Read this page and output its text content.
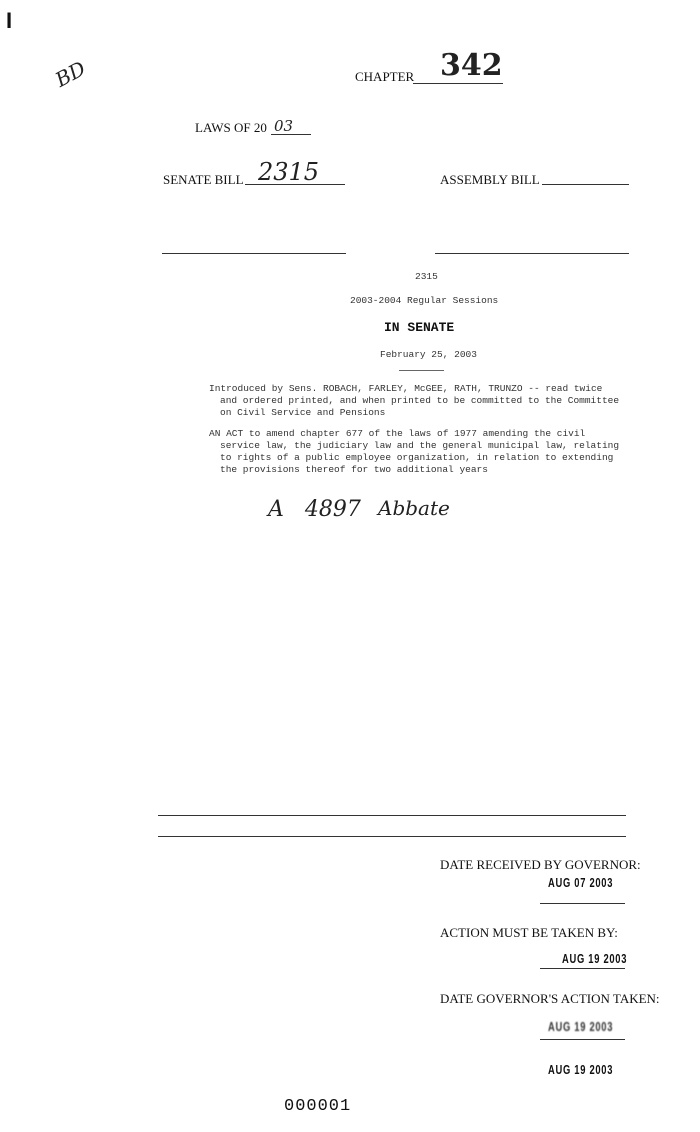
I
BD	CHAPTER 342
LAWS OF 20 03
SENATE BILL 2315	ASSEMBLY BILL
2315
2003-2004 Regular Sessions
IN SENATE
February 25, 2003
Introduced by Sens. ROBACH, FARLEY, McGEE, RATH, TRUNZO -- read twice
and ordered printed, and when printed to be committed to the Committee
on Civil Service and Pensions
AN ACT to amend chapter 677 of the laws of 1977 amending the civil
service law, the judiciary law and the general municipal law, relating
to rights of a public employee organization, in relation to extending
the provisions thereof for two additional years
A 4897 Abbate
DATE RECEIVED BY GOVERNOR:
AUG 07 2003
ACTION MUST BE TAKEN BY:
AUG 19 2003
DATE GOVERNOR'S ACTION TAKEN:
AUG 19 2003
AUG 19 2003
000001
